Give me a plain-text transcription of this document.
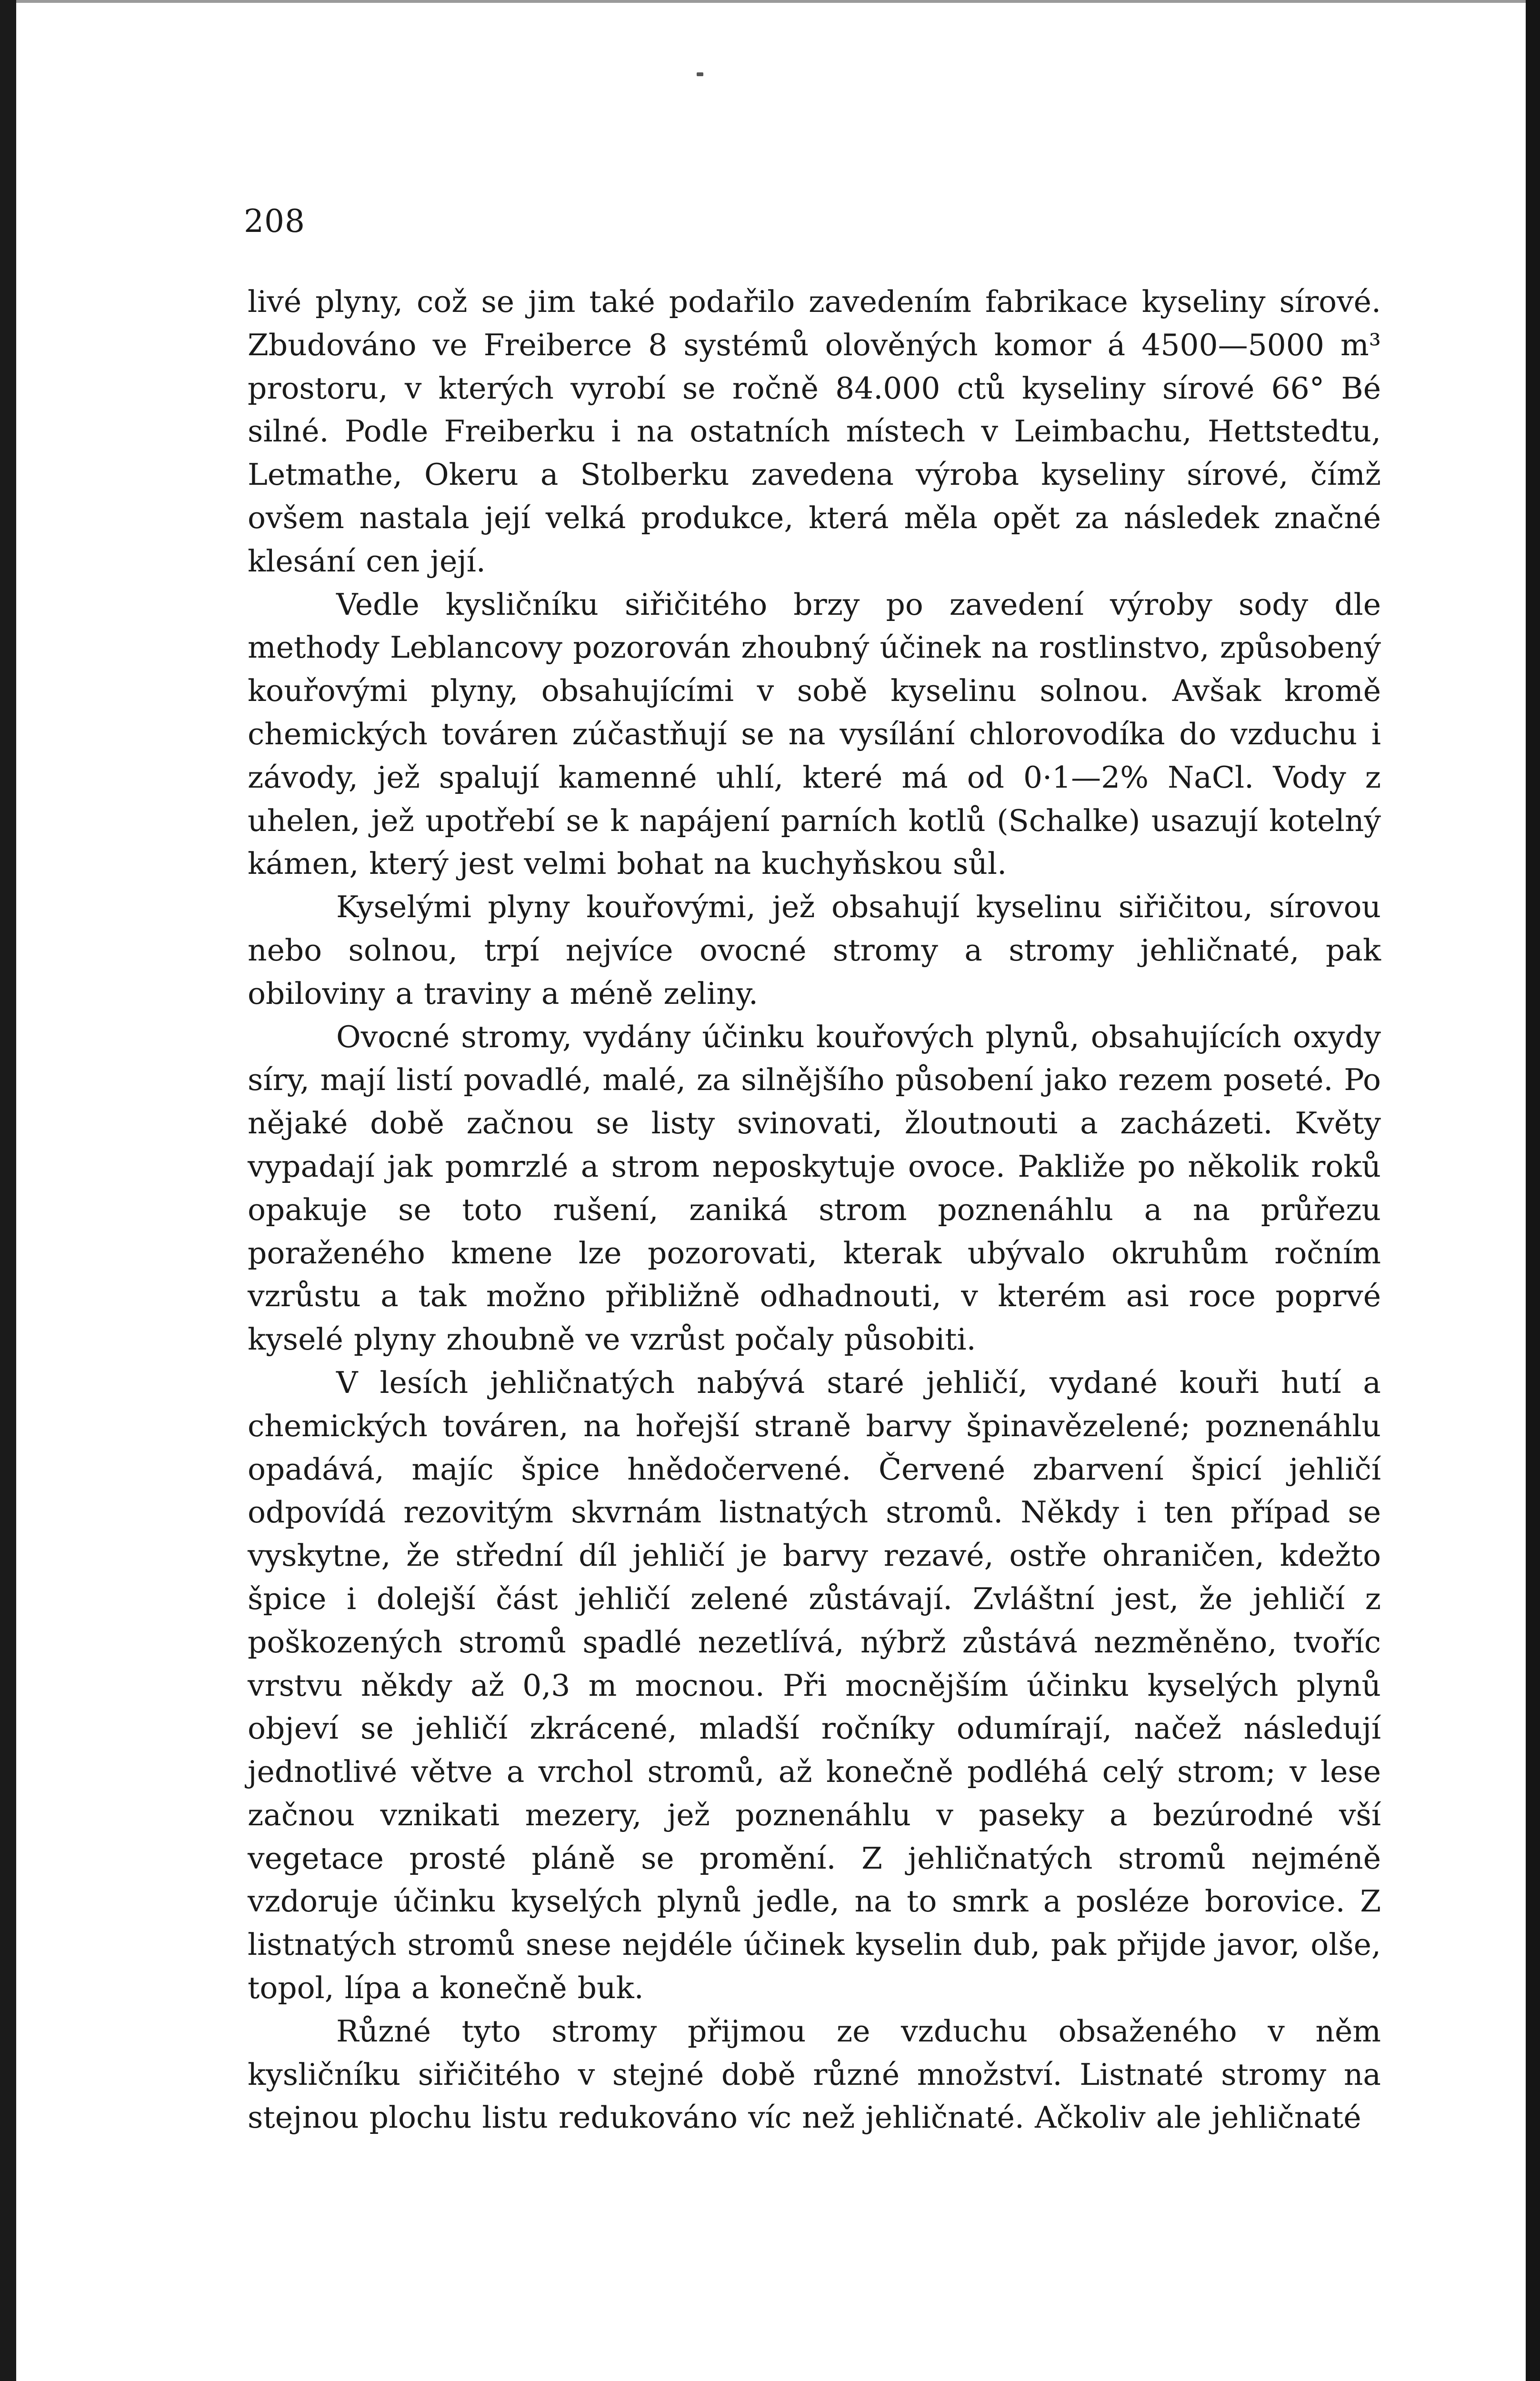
208

livé plyny, což se jim také podařilo zavedením fabrikace kyseliny sírové. Zbudováno ve Freiberce 8 systémů olověných komor á 4500—5000 m³ prostoru, v kterých vyrobí se ročně 84.000 ctů kyseliny sírové 66° Bé silné. Podle Freiberku i na ostatních místech v Leimbachu, Hettstedtu, Letmathe, Okeru a Stolberku zavedena výroba kyseliny sírové, čímž ovšem nastala její velká produkce, která měla opět za následek značné klesání cen její.

Vedle kysličníku siřičitého brzy po zavedení výroby sody dle methody Leblancovy pozorován zhoubný účinek na rostlinstvo, způsobený kouřovými plyny, obsahujícími v sobě kyselinu solnou. Avšak kromě chemických továren zúčastňují se na vysílání chlorovodíka do vzduchu i závody, jež spalují kamenné uhlí, které má od 0·1—2% NaCl. Vody z uhelen, jež upotřebí se k napájení parních kotlů (Schalke) usazují kotelný kámen, který jest velmi bohat na kuchyňskou sůl.

Kyselými plyny kouřovými, jež obsahují kyselinu siřičitou, sírovou nebo solnou, trpí nejvíce ovocné stromy a stromy jehličnaté, pak obiloviny a traviny a méně zeliny.

Ovocné stromy, vydány účinku kouřových plynů, obsahujících oxydy síry, mají listí povadlé, malé, za silnějšího působení jako rezem poseté. Po nějaké době začnou se listy svinovati, žloutnouti a zacházeti. Květy vypadají jak pomrzlé a strom neposkytuje ovoce. Pakliže po několik roků opakuje se toto rušení, zaniká strom poznenáhlu a na průřezu poraženého kmene lze pozorovati, kterak ubývalo okruhům ročním vzrůstu a tak možno přibližně odhadnouti, v kterém asi roce poprvé kyselé plyny zhoubně ve vzrůst počaly působiti.

V lesích jehličnatých nabývá staré jehličí, vydané kouři hutí a chemických továren, na hořejší straně barvy špinavězelené; poznenáhlu opadává, majíc špice hnědočervené. Červené zbarvení špicí jehličí odpovídá rezovitým skvrnám listnatých stromů. Někdy i ten případ se vyskytne, že střední díl jehličí je barvy rezavé, ostře ohraničen, kdežto špice i dolejší část jehličí zelené zůstávají. Zvláštní jest, že jehličí z poškozených stromů spadlé nezetlívá, nýbrž zůstává nezměněno, tvoříc vrstvu někdy až 0,3 m mocnou. Při mocnějším účinku kyselých plynů objeví se jehličí zkrácené, mladší ročníky odumírají, načež následují jednotlivé větve a vrchol stromů, až konečně podléhá celý strom; v lese začnou vznikati mezery, jež poznenáhlu v paseky a bezúrodné vší vegetace prosté pláně se promění. Z jehličnatých stromů nejméně vzdoruje účinku kyselých plynů jedle, na to smrk a posléze borovice. Z listnatých stromů snese nejdéle účinek kyselin dub, pak přijde javor, olše, topol, lípa a konečně buk.

Různé tyto stromy přijmou ze vzduchu obsaženého v něm kysličníku siřičitého v stejné době různé množství. Listnaté stromy na stejnou plochu listu redukováno víc než jehličnaté. Ačkoliv ale jehličnaté
